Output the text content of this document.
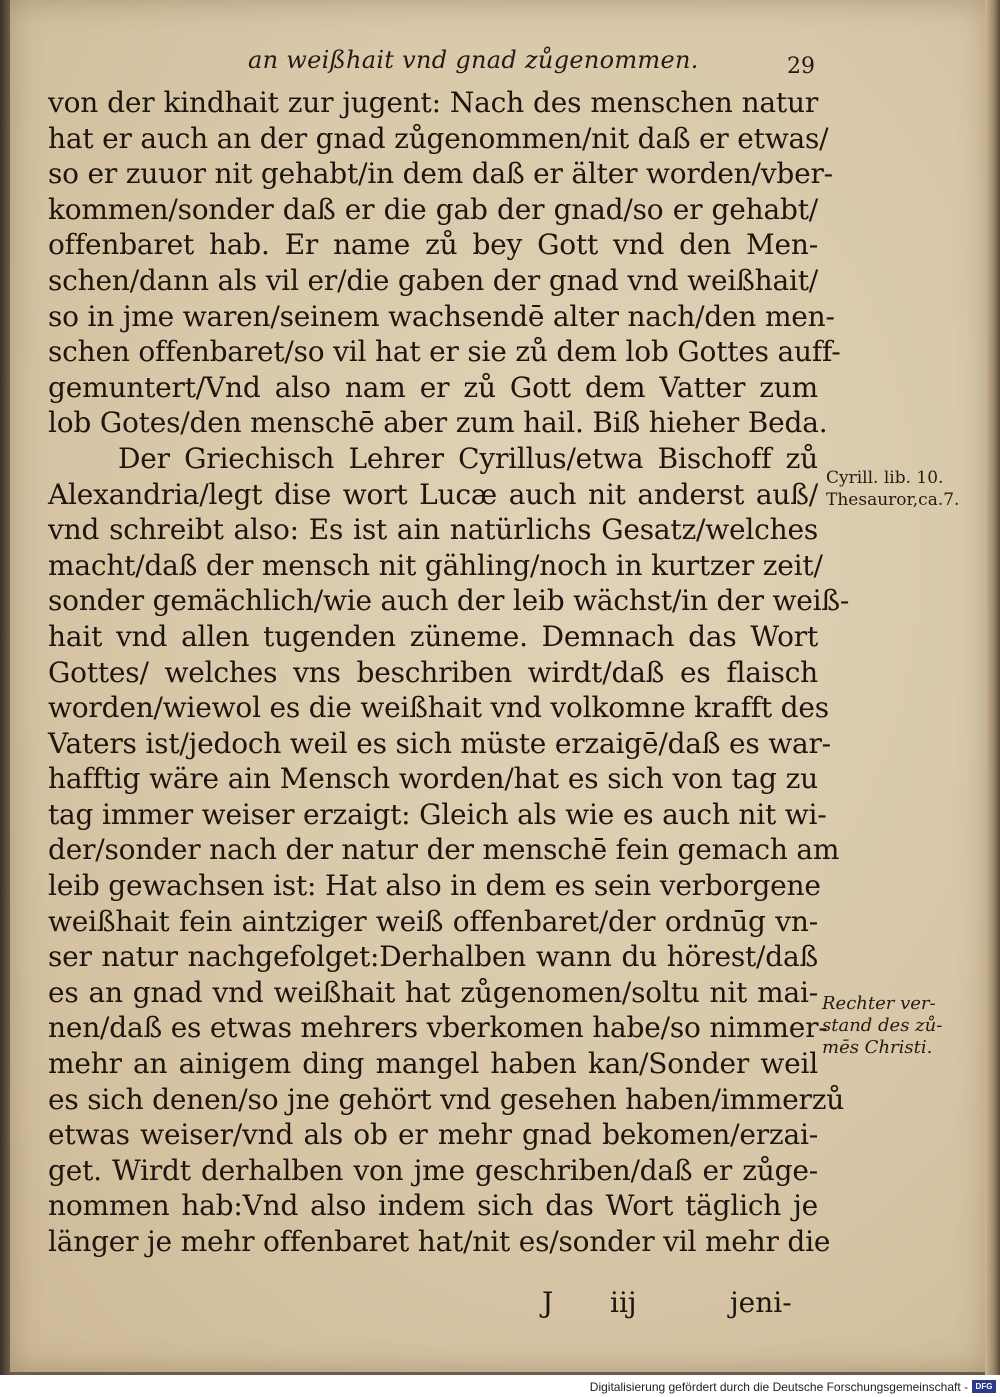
an weißhait vnd gnad zůgenommen.	29
von der kindhait zur jugent: Nach des menschen natur
hat er auch an der gnad zůgenommen/nit daß er etwas/
so er zuuor nit gehabt/in dem daß er älter worden/vber-
kommen/sonder daß er die gab der gnad/so er gehabt/
offenbaret hab. Er name zů bey Gott vnd den Men-
schen/dann als vil er/die gaben der gnad vnd weißhait/
so in jme waren/seinem wachsendē alter nach/den men-
schen offenbaret/so vil hat er sie zů dem lob Gottes auff-
gemuntert/Vnd also nam er zů Gott dem Vatter zum
lob Gotes/den menschē aber zum hail. Biß hieher Beda.
Der Griechisch Lehrer Cyrillus/etwa Bischoff zů
Alexandria/legt dise wort Lucæ auch nit anderst auß/
vnd schreibt also: Es ist ain natürlichs Gesatz/welches
macht/daß der mensch nit gähling/noch in kurtzer zeit/
sonder gemächlich/wie auch der leib wächst/in der weiß-
hait vnd allen tugenden züneme. Demnach das Wort
Gottes/ welches vns beschriben wirdt/daß es flaisch
worden/wiewol es die weißhait vnd volkomne krafft des
Vaters ist/jedoch weil es sich müste erzaigē/daß es war-
hafftig wäre ain Mensch worden/hat es sich von tag zu
tag immer weiser erzaigt: Gleich als wie es auch nit wi-
der/sonder nach der natur der menschē fein gemach am
leib gewachsen ist: Hat also in dem es sein verborgene
weißhait fein aintziger weiß offenbaret/der ordnūg vn-
ser natur nachgefolget:Derhalben wann du hörest/daß
es an gnad vnd weißhait hat zůgenomen/soltu nit mai-
nen/daß es etwas mehrers vberkomen habe/so nimmer-
mehr an ainigem ding mangel haben kan/Sonder weil
es sich denen/so jne gehört vnd gesehen haben/immerzů
etwas weiser/vnd als ob er mehr gnad bekomen/erzai-
get. Wirdt derhalben von jme geschriben/daß er zůge-
nommen hab:Vnd also indem sich das Wort täglich je
länger je mehr offenbaret hat/nit es/sonder vil mehr die
Cyrill. lib. 10.
Thesauror,ca.7.
Rechter ver-
stand des zů-
mēs Christi.
J iij	jeni-
Digitalisierung gefördert durch die Deutsche Forschungsgemeinschaft - DFG
